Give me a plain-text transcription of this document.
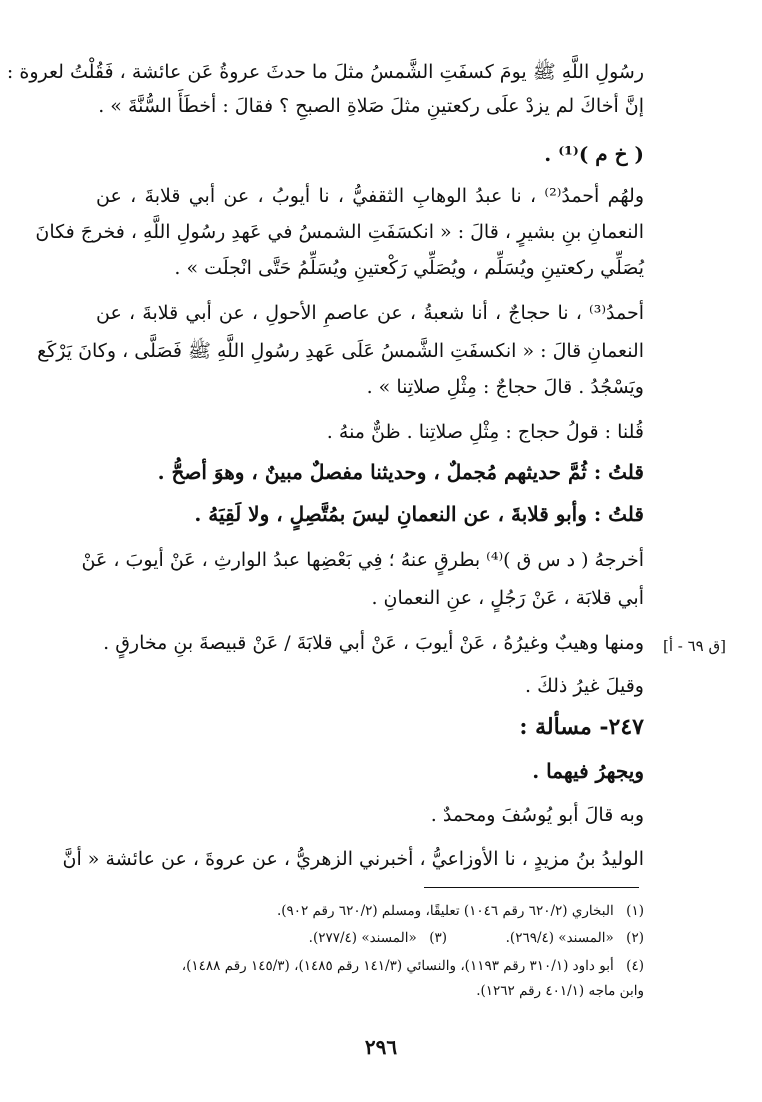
رسُولِ اللَّهِ ﷺ يومَ كسفَتِ الشَّمسُ مثلَ ما حدثَ عروةُ عَن عائشة ، فَقُلْتُ لعروة :
إنَّ أخاكَ لم يزدْ علَى ركعتينِ مثلَ صَلاةِ الصبحِ ؟ فقالَ : أخطَأَ السُّنَّةَ » .
( خ م )⁽¹⁾ .
ولهُم أحمدُ⁽²⁾ ، نا عبدُ الوهابِ الثقفيُّ ، نا أيوبُ ، عن أبي قلابةَ ، عن
النعمانِ بنِ بشيرٍ ، قالَ : « انكسَفَتِ الشمسُ في عَهدِ رسُولِ اللَّهِ ، فخرجَ فكانَ
يُصَلِّي ركعتينِ ويُسَلِّم ، ويُصَلِّي رَكْعتينِ ويُسَلِّمُ حَتَّى انْجلَت » .
أحمدُ⁽³⁾ ، نا حجاجٌ ، أنا شعبةُ ، عن عاصمِ الأحولِ ، عن أبي قلابةَ ، عن
النعمانِ قالَ : « انكسفَتِ الشَّمسُ عَلَى عَهدِ رسُولِ اللَّهِ ﷺ فَصَلَّى ، وكانَ يَرْكَع
ويَسْجُدُ . قالَ حجاجٌ : مِثْلِ صلاتِنا » .
قُلنا : قولُ حجاج : مِثْلِ صلاتِنا . ظنٌّ منهُ .
قلتُ : ثُمَّ حديثهم مُجملٌ ، وحديثنا مفصلٌ مبينٌ ، وهوَ أصحُّ .
قلتُ : وأبو قلابةَ ، عن النعمانِ ليسَ بمُتَّصِلٍ ، ولا لَقِيَهُ .
أخرجهُ ( د س ق )⁽⁴⁾ بطرقٍ عنهُ ؛ فِي بَعْضِها عبدُ الوارثِ ، عَنْ أيوبَ ، عَنْ
أبي قلابَة ، عَنْ رَجُلٍ ، عنِ النعمانِ .
ومنها وهيبٌ وغيرُهُ ، عَنْ أيوبَ ، عَنْ أبي قلابَةَ / عَنْ قبيصةَ بنِ مخارقٍ .	[ق ٦٩ - أ]
وقيلَ غيرُ ذلكَ .
٢٤٧- مسألة :
ويجهرُ فيهما .
وبه قالَ أبو يُوسُفَ ومحمدٌ .
الوليدُ بنُ مزيدٍ ، نا الأوزاعيُّ ، أخبرني الزهريُّ ، عن عروةَ ، عن عائشة « أنَّ
(١) البخاري (٦٢٠/٢ رقم ١٠٤٦) تعليقًا، ومسلم (٦٢٠/٢ رقم ٩٠٢).
(٢) «المسند» (٢٦٩/٤).  (٣) «المسند» (٢٧٧/٤).
(٤) أبو داود (٣١٠/١ رقم ١١٩٣)، والنسائي (١٤١/٣ رقم ١٤٨٥)، (١٤٥/٣ رقم ١٤٨٨)،
وابن ماجه (٤٠١/١ رقم ١٢٦٢).
٢٩٦
